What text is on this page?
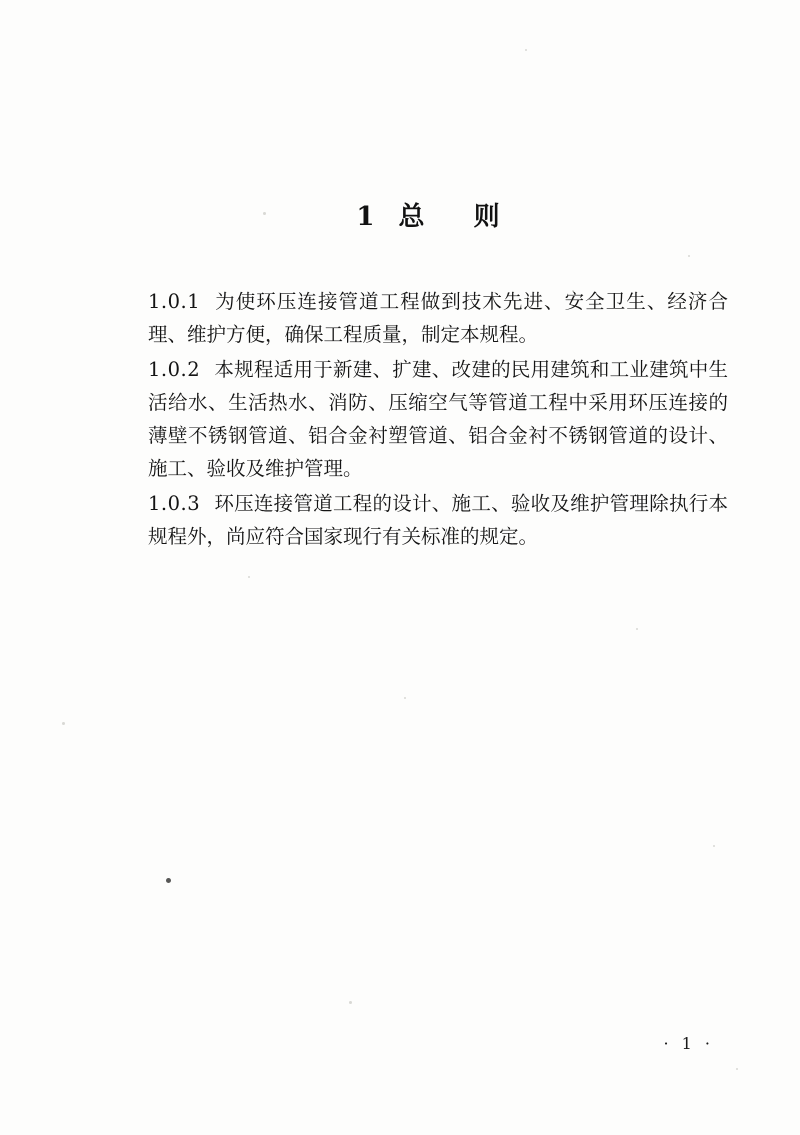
1 总 则

1.0.1 为使环压连接管道工程做到技术先进、安全卫生、经济合理、维护方便，确保工程质量，制定本规程。

1.0.2 本规程适用于新建、扩建、改建的民用建筑和工业建筑中生活给水、生活热水、消防、压缩空气等管道工程中采用环压连接的薄壁不锈钢管道、铝合金衬塑管道、铝合金衬不锈钢管道的设计、施工、验收及维护管理。

1.0.3 环压连接管道工程的设计、施工、验收及维护管理除执行本规程外，尚应符合国家现行有关标准的规定。

· 1 ·
